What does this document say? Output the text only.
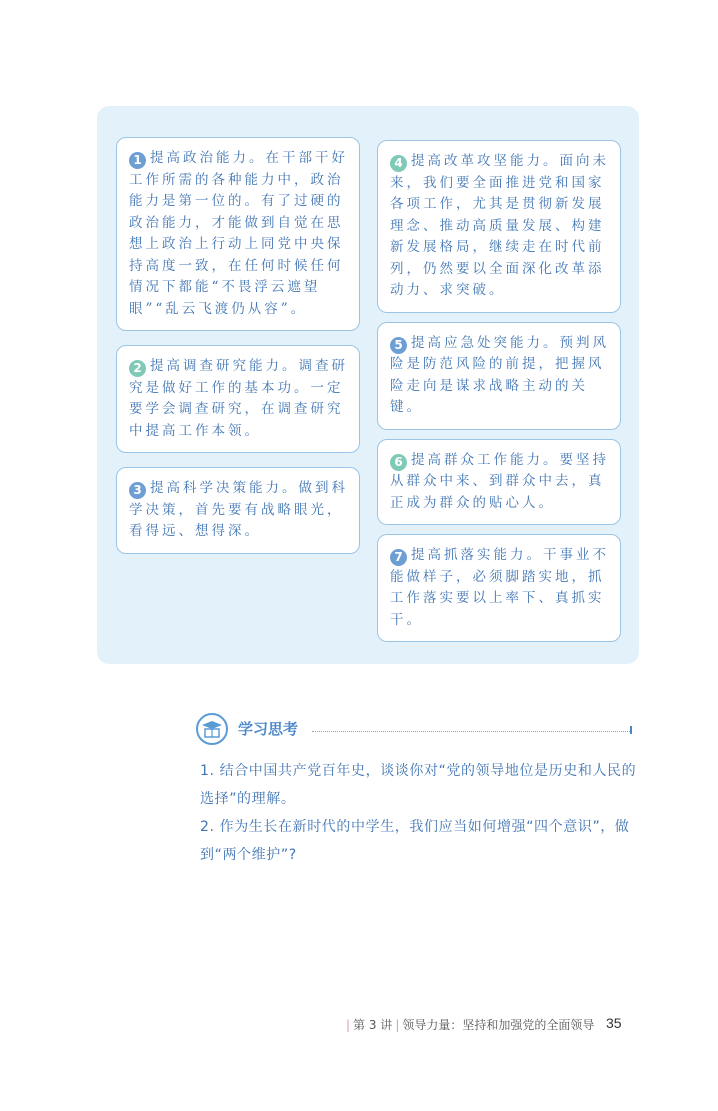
1 提高政治能力。在干部干好工作所需的各种能力中，政治能力是第一位的。有了过硬的政治能力，才能做到自觉在思想上政治上行动上同党中央保持高度一致，在任何时候任何情况下都能“不畏浮云遮望眼”“乱云飞渡仍从容”。
2 提高调查研究能力。调查研究是做好工作的基本功。一定要学会调查研究，在调查研究中提高工作本领。
3 提高科学决策能力。做到科学决策，首先要有战略眼光，看得远、想得深。
4 提高改革攻坚能力。面向未来，我们要全面推进党和国家各项工作，尤其是贯彻新发展理念、推动高质量发展、构建新发展格局，继续走在时代前列，仍然要以全面深化改革添动力、求突破。
5 提高应急处突能力。预判风险是防范风险的前提，把握风险走向是谋求战略主动的关键。
6 提高群众工作能力。要坚持从群众中来、到群众中去，真正成为群众的贴心人。
7 提高抓落实能力。干事业不能做样子，必须脚踏实地，抓工作落实要以上率下、真抓实干。
学习思考
1. 结合中国共产党百年史，谈谈你对“党的领导地位是历史和人民的选择”的理解。
2. 作为生长在新时代的中学生，我们应当如何增强“四个意识”，做到“两个维护”?
| 第 3 讲 | 领导力量：坚持和加强党的全面领导 35
